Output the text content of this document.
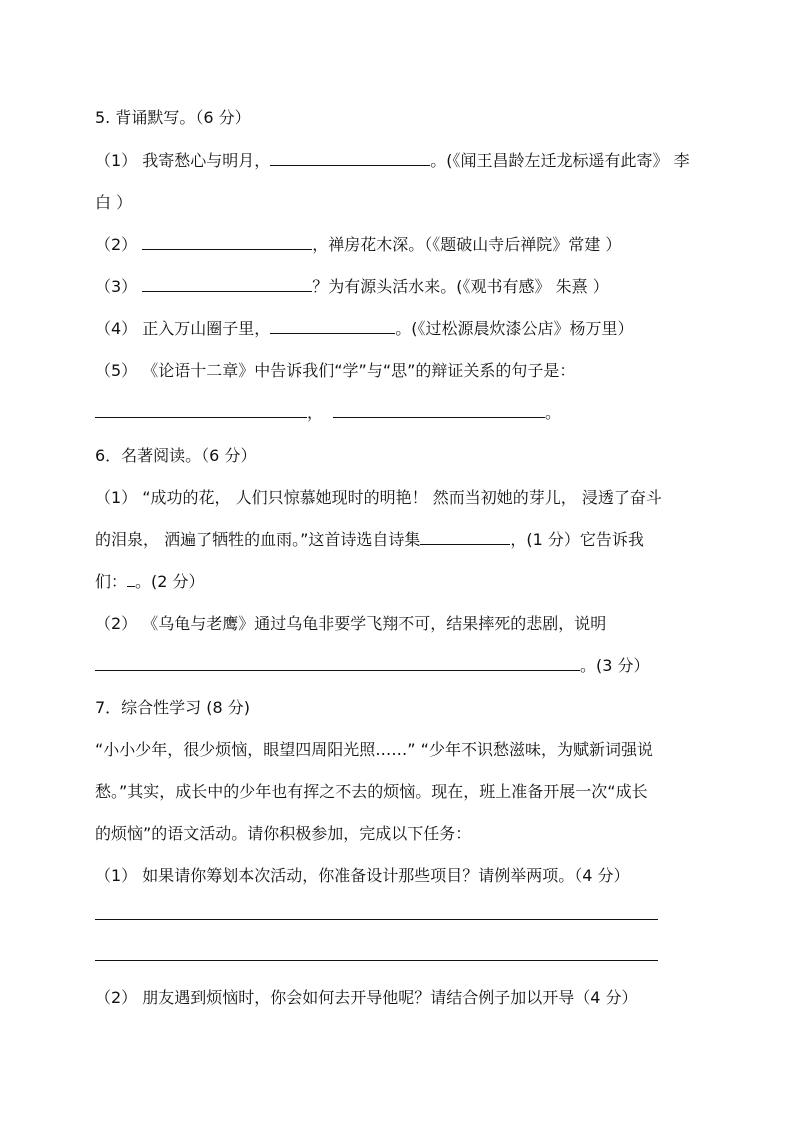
5. 背诵默写。（6 分）
（1） 我寄愁心与明月，	。(《闻王昌龄左迁龙标遥有此寄》 李
白 ）
（2）	，禅房花木深。（《题破山寺后禅院》常建 ）
（3）	？为有源头活水来。(《观书有感》 朱熹 ）
（4） 正入万山圈子里，	。(《过松源晨炊漆公店》杨万里）
（5） 《论语十二章》中告诉我们“学”与“思”的辩证关系的句子是：
，	。
6．名著阅读。（6 分）
（1） “成功的花， 人们只惊慕她现时的明艳！ 然而当初她的芽儿， 浸透了奋斗
的泪泉， 洒遍了牺牲的血雨。”这首诗选自诗集	，(1 分）它告诉我
们： 。(2 分）
（2） 《乌龟与老鹰》通过乌龟非要学飞翔不可，结果摔死的悲剧，说明
。(3 分）
7．综合性学习 (8 分)
“小小少年，很少烦恼，眼望四周阳光照……” “少年不识愁滋味，为赋新词强说
愁。”其实，成长中的少年也有挥之不去的烦恼。现在，班上准备开展一次“成长
的烦恼”的语文活动。请你积极参加，完成以下任务：
（1） 如果请你筹划本次活动，你准备设计那些项目？请例举两项。（4 分）
（2） 朋友遇到烦恼时，你会如何去开导他呢？请结合例子加以开导（4 分）
